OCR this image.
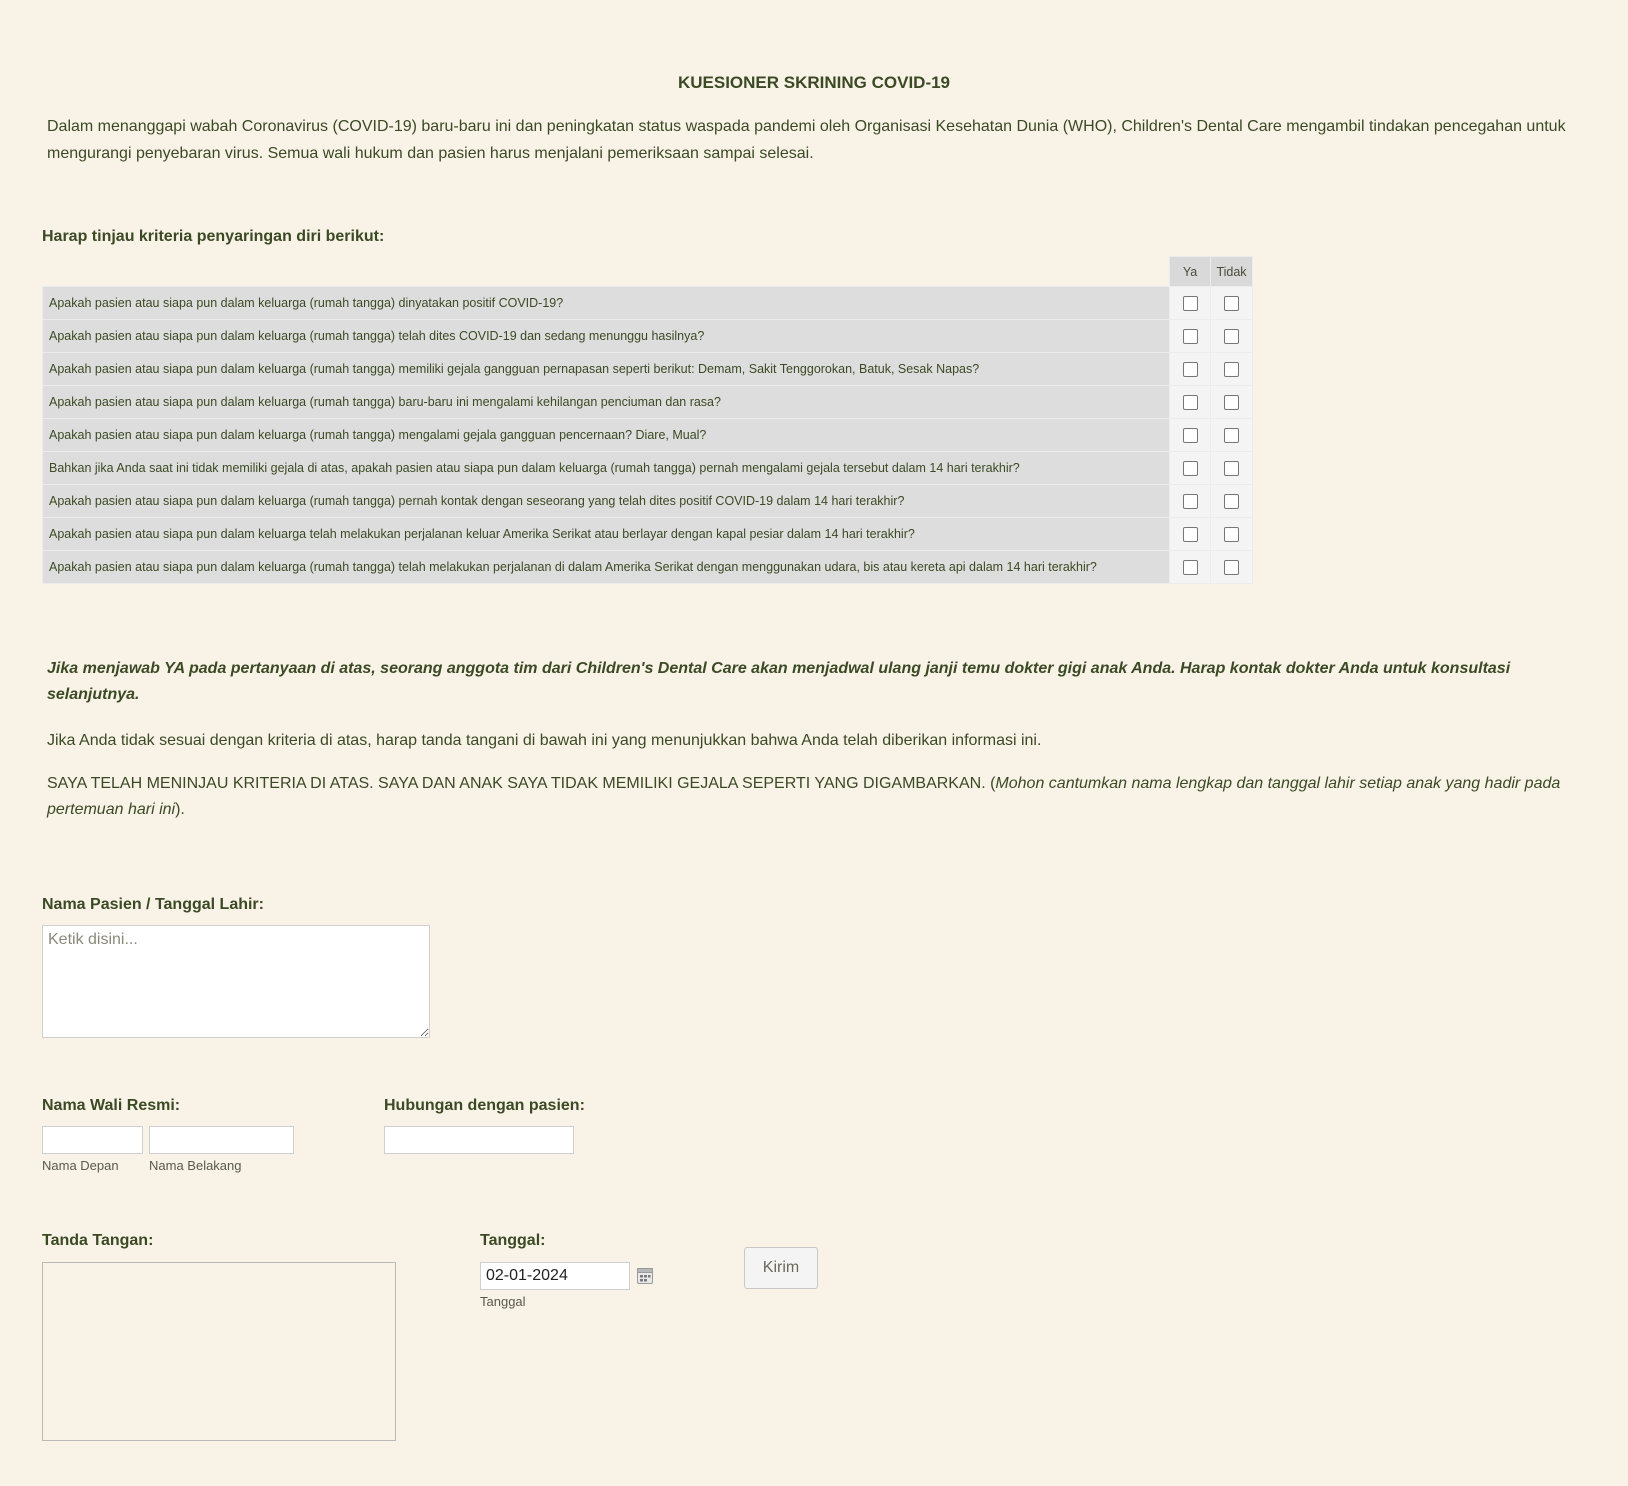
KUESIONER SKRINING COVID-19
Dalam menanggapi wabah Coronavirus (COVID-19) baru-baru ini dan peningkatan status waspada pandemi oleh Organisasi Kesehatan Dunia (WHO), Children's Dental Care mengambil tindakan pencegahan untuk mengurangi penyebaran virus. Semua wali hukum dan pasien harus menjalani pemeriksaan sampai selesai.
Harap tinjau kriteria penyaringan diri berikut:
	Ya	Tidak
Apakah pasien atau siapa pun dalam keluarga (rumah tangga) dinyatakan positif COVID-19?		
Apakah pasien atau siapa pun dalam keluarga (rumah tangga) telah dites COVID-19 dan sedang menunggu hasilnya?		
Apakah pasien atau siapa pun dalam keluarga (rumah tangga) memiliki gejala gangguan pernapasan seperti berikut: Demam, Sakit Tenggorokan, Batuk, Sesak Napas?		
Apakah pasien atau siapa pun dalam keluarga (rumah tangga) baru-baru ini mengalami kehilangan penciuman dan rasa?		
Apakah pasien atau siapa pun dalam keluarga (rumah tangga) mengalami gejala gangguan pencernaan? Diare, Mual?		
Bahkan jika Anda saat ini tidak memiliki gejala di atas, apakah pasien atau siapa pun dalam keluarga (rumah tangga) pernah mengalami gejala tersebut dalam 14 hari terakhir?		
Apakah pasien atau siapa pun dalam keluarga (rumah tangga) pernah kontak dengan seseorang yang telah dites positif COVID-19 dalam 14 hari terakhir?		
Apakah pasien atau siapa pun dalam keluarga telah melakukan perjalanan keluar Amerika Serikat atau berlayar dengan kapal pesiar dalam 14 hari terakhir?		
Apakah pasien atau siapa pun dalam keluarga (rumah tangga) telah melakukan perjalanan di dalam Amerika Serikat dengan menggunakan udara, bis atau kereta api dalam 14 hari terakhir?		
Jika menjawab YA pada pertanyaan di atas, seorang anggota tim dari Children's Dental Care akan menjadwal ulang janji temu dokter gigi anak Anda. Harap kontak dokter Anda untuk konsultasi selanjutnya.
Jika Anda tidak sesuai dengan kriteria di atas, harap tanda tangani di bawah ini yang menunjukkan bahwa Anda telah diberikan informasi ini.
SAYA TELAH MENINJAU KRITERIA DI ATAS. SAYA DAN ANAK SAYA TIDAK MEMILIKI GEJALA SEPERTI YANG DIGAMBARKAN. (Mohon cantumkan nama lengkap dan tanggal lahir setiap anak yang hadir pada pertemuan hari ini).
Nama Pasien / Tanggal Lahir:
Ketik disini...
Nama Wali Resmi:
Nama Depan Nama Belakang
Hubungan dengan pasien:
Tanda Tangan:	Tanggal:
02-01-2024
Tanggal
Kirim
